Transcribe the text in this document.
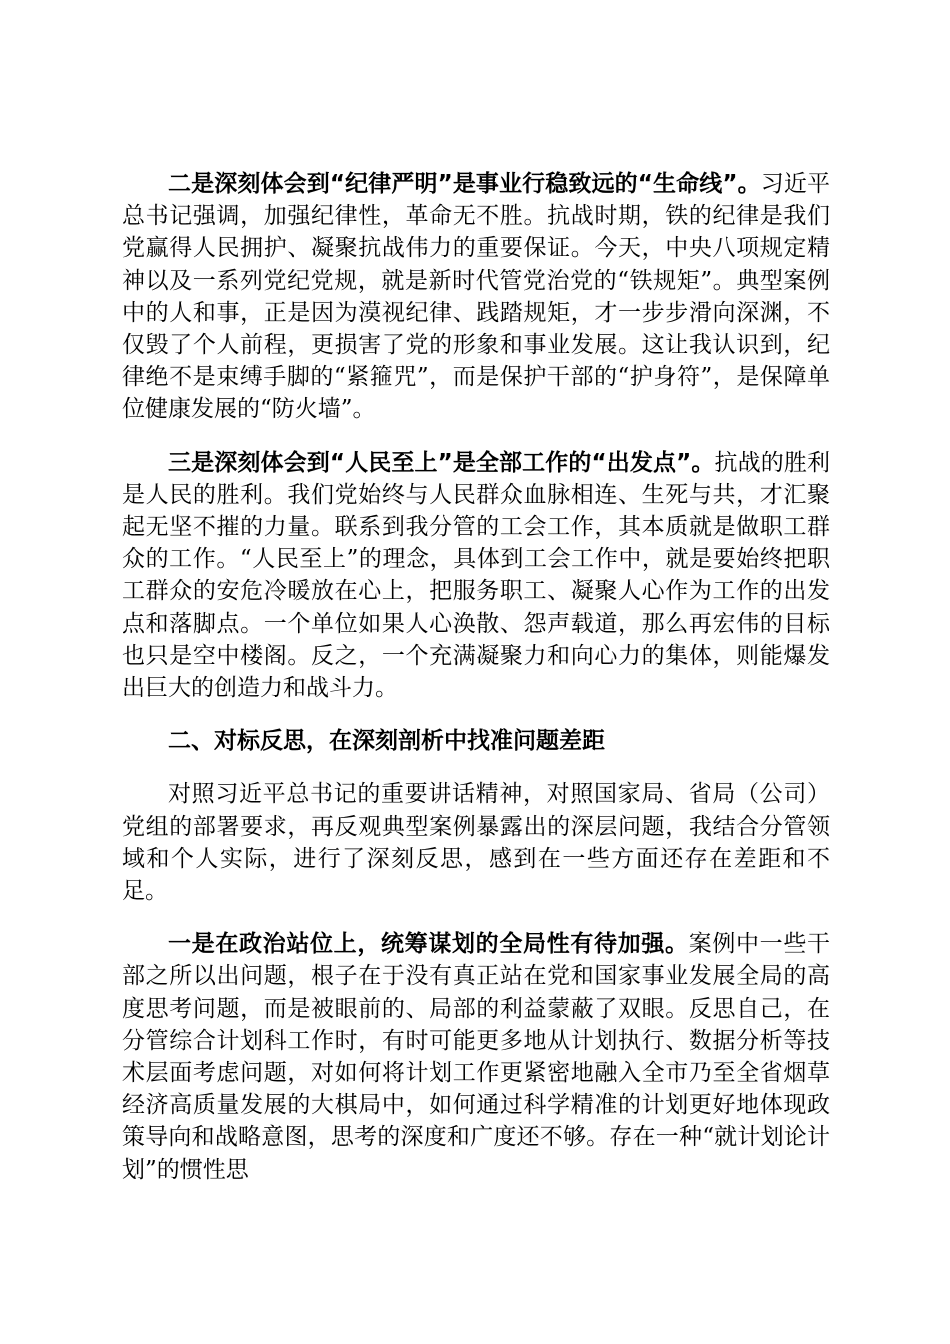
二是深刻体会到“纪律严明”是事业行稳致远的“生命线”。习近平总书记强调，加强纪律性，革命无不胜。抗战时期，铁的纪律是我们党赢得人民拥护、凝聚抗战伟力的重要保证。今天，中央八项规定精神以及一系列党纪党规，就是新时代管党治党的“铁规矩”。典型案例中的人和事，正是因为漠视纪律、践踏规矩，才一步步滑向深渊，不仅毁了个人前程，更损害了党的形象和事业发展。这让我认识到，纪律绝不是束缚手脚的“紧箍咒”，而是保护干部的“护身符”，是保障单位健康发展的“防火墙”。

三是深刻体会到“人民至上”是全部工作的“出发点”。抗战的胜利是人民的胜利。我们党始终与人民群众血脉相连、生死与共，才汇聚起无坚不摧的力量。联系到我分管的工会工作，其本质就是做职工群众的工作。“人民至上”的理念，具体到工会工作中，就是要始终把职工群众的安危冷暖放在心上，把服务职工、凝聚人心作为工作的出发点和落脚点。一个单位如果人心涣散、怨声载道，那么再宏伟的目标也只是空中楼阁。反之，一个充满凝聚力和向心力的集体，则能爆发出巨大的创造力和战斗力。

二、对标反思，在深刻剖析中找准问题差距

对照习近平总书记的重要讲话精神，对照国家局、省局（公司）党组的部署要求，再反观典型案例暴露出的深层问题，我结合分管领域和个人实际，进行了深刻反思，感到在一些方面还存在差距和不足。

一是在政治站位上，统筹谋划的全局性有待加强。案例中一些干部之所以出问题，根子在于没有真正站在党和国家事业发展全局的高度思考问题，而是被眼前的、局部的利益蒙蔽了双眼。反思自己，在分管综合计划科工作时，有时可能更多地从计划执行、数据分析等技术层面考虑问题，对如何将计划工作更紧密地融入全市乃至全省烟草经济高质量发展的大棋局中，如何通过科学精准的计划更好地体现政策导向和战略意图，思考的深度和广度还不够。存在一种“就计划论计划”的惯性思
